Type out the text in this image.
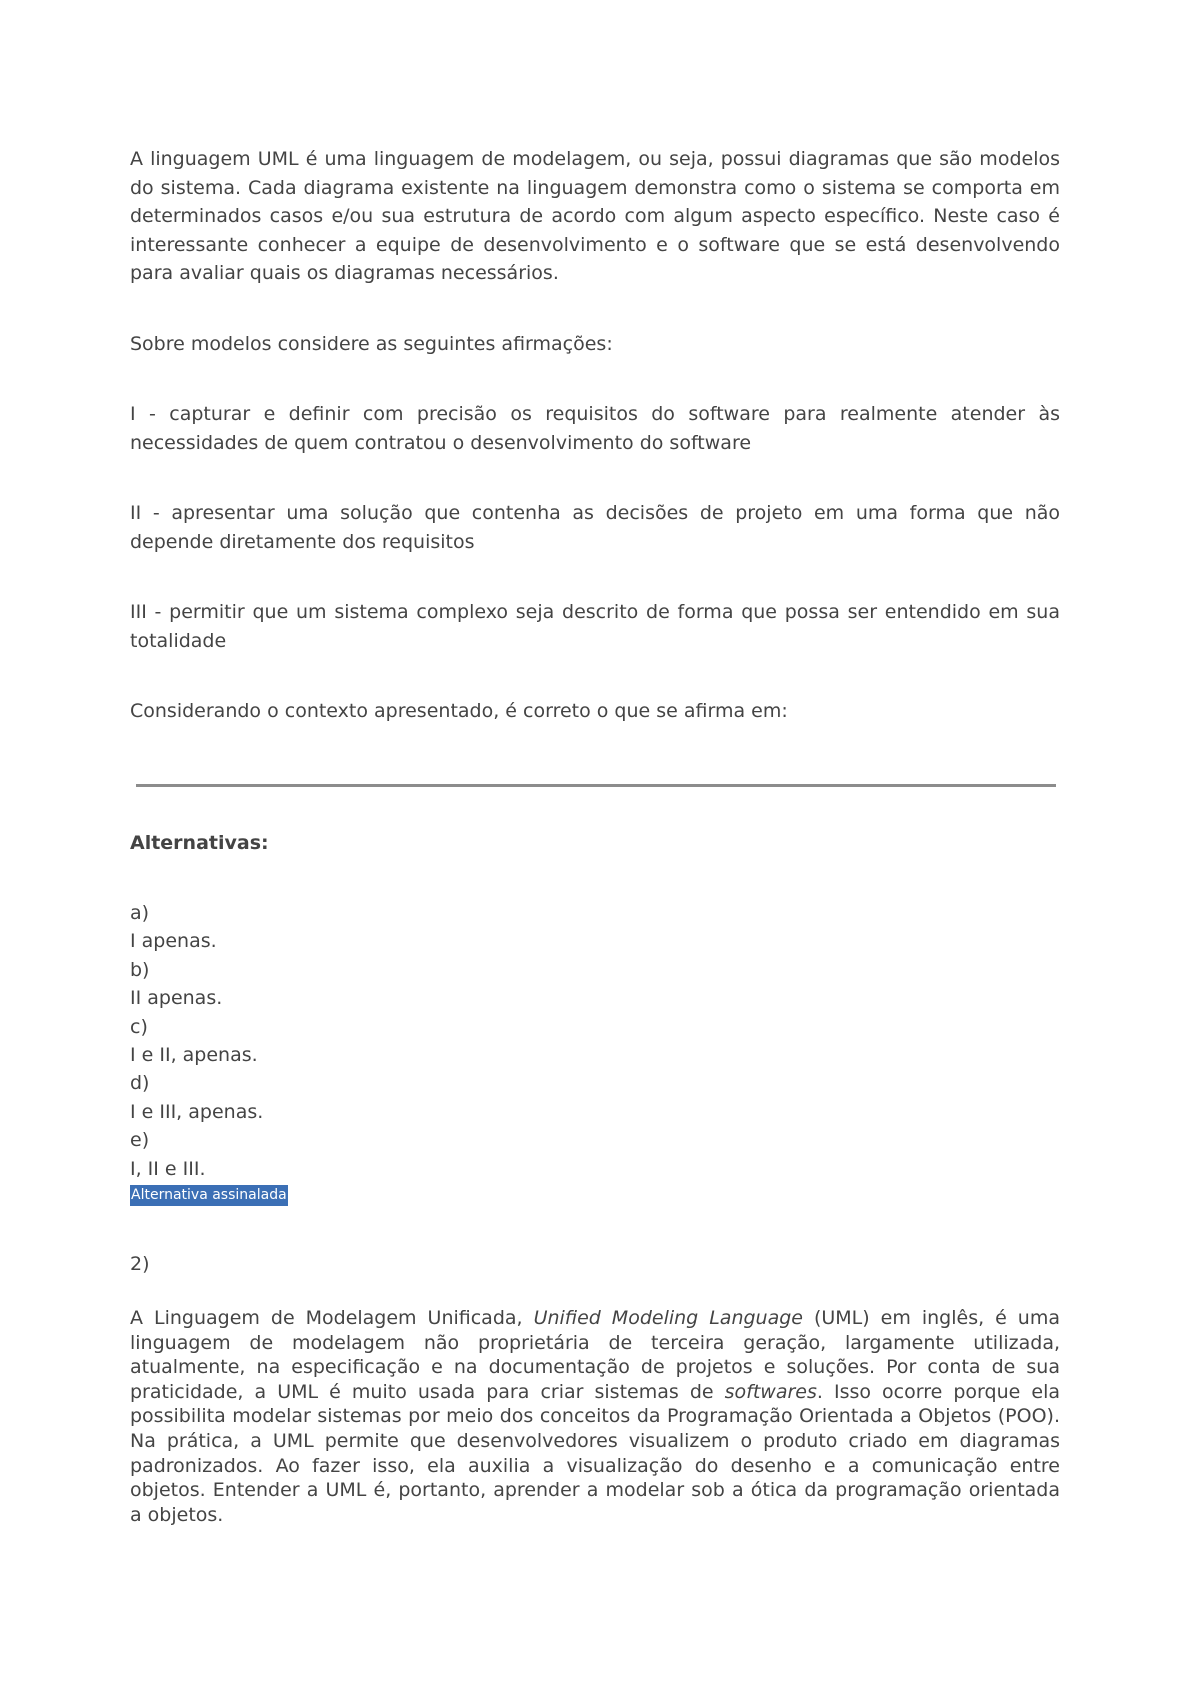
A linguagem UML é uma linguagem de modelagem, ou seja, possui diagramas que são modelos do sistema. Cada diagrama existente na linguagem demonstra como o sistema se comporta em determinados casos e/ou sua estrutura de acordo com algum aspecto específico. Neste caso é interessante conhecer a equipe de desenvolvimento e o software que se está desenvolvendo para avaliar quais os diagramas necessários.

Sobre modelos considere as seguintes afirmações:

I - capturar e definir com precisão os requisitos do software para realmente atender às necessidades de quem contratou o desenvolvimento do software

II - apresentar uma solução que contenha as decisões de projeto em uma forma que não depende diretamente dos requisitos

III - permitir que um sistema complexo seja descrito de forma que possa ser entendido em sua totalidade

Considerando o contexto apresentado, é correto o que se afirma em:

Alternativas:
a)
I apenas.
b)
II apenas.
c)
I e II, apenas.
d)
I e III, apenas.
e)
I, II e III.
Alternativa assinalada
2)

A Linguagem de Modelagem Unificada, Unified Modeling Language (UML) em inglês, é uma linguagem de modelagem não proprietária de terceira geração, largamente utilizada, atualmente, na especificação e na documentação de projetos e soluções. Por conta de sua praticidade, a UML é muito usada para criar sistemas de softwares. Isso ocorre porque ela possibilita modelar sistemas por meio dos conceitos da Programação Orientada a Objetos (POO). Na prática, a UML permite que desenvolvedores visualizem o produto criado em diagramas padronizados. Ao fazer isso, ela auxilia a visualização do desenho e a comunicação entre objetos. Entender a UML é, portanto, aprender a modelar sob a ótica da programação orientada a objetos.
